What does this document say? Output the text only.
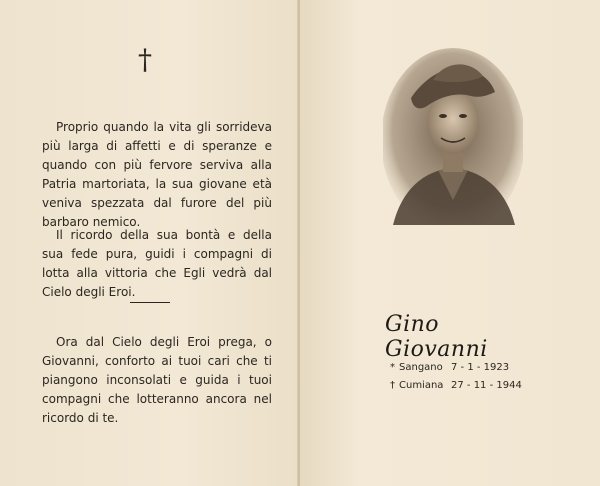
†

Proprio quando la vita gli sorrideva più larga di affetti e di speranze e quando con più fervore serviva alla Patria martoriata, la sua giovane età veniva spezzata dal furore del più barbaro nemico.

Il ricordo della sua bontà e della sua fede pura, guidi i compagni di lotta alla vittoria che Egli vedrà dal Cielo degli Eroi.

Ora dal Cielo degli Eroi prega, o Giovanni, conforto ai tuoi cari che ti piangono inconsolati e guida i tuoi compagni che lotteranno ancora nel ricordo di te.

Gino Giovanni
* Sangano 7 - 1 - 1923
† Cumiana 27 - 11 - 1944
